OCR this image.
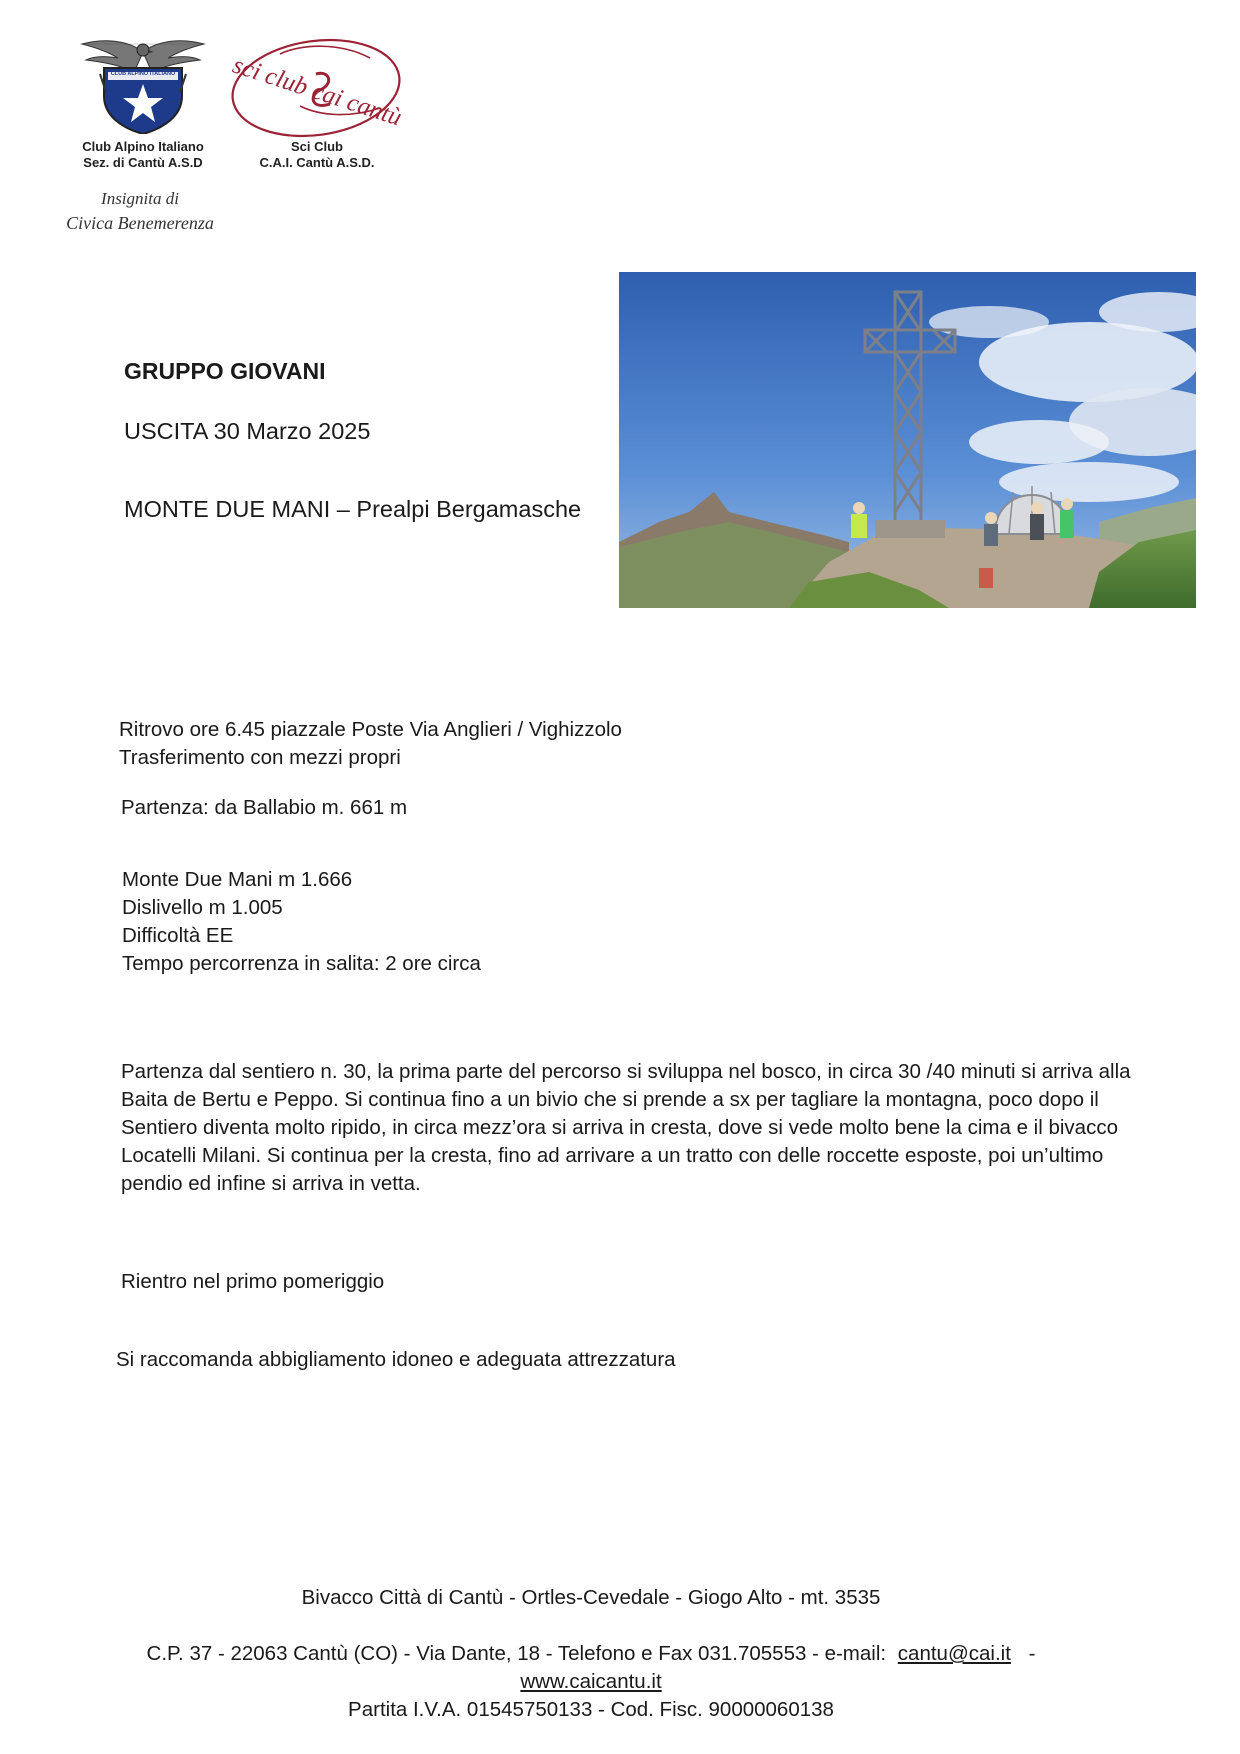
CLUB ALPINO ITALIANO
Club Alpino Italiano
Sez. di Cantù A.S.D
sci club cai cantù
Sci Club
C.A.I. Cantù A.S.D.
Insignita di
Civica Benemerenza
GRUPPO GIOVANI
USCITA 30 Marzo 2025
MONTE DUE MANI – Prealpi Bergamasche
Ritrovo ore 6.45 piazzale Poste Via Anglieri / Vighizzolo
Trasferimento con mezzi propri
Partenza: da Ballabio m. 661 m
Monte Due Mani m 1.666
Dislivello m 1.005
Difficoltà EE
Tempo percorrenza in salita: 2 ore circa
Partenza dal sentiero n. 30, la prima parte del percorso si sviluppa nel bosco, in circa 30 /40 minuti si arriva alla Baita de Bertu e Peppo. Si continua fino a un bivio che si prende a sx per tagliare la montagna, poco dopo il Sentiero diventa molto ripido, in circa mezz’ora si arriva in cresta, dove si vede molto bene la cima e il bivacco Locatelli Milani. Si continua per la cresta, fino ad arrivare a un tratto con delle roccette esposte, poi un’ultimo pendio ed infine si arriva in vetta.
Rientro nel primo pomeriggio
Si raccomanda abbigliamento idoneo e adeguata attrezzatura
Bivacco Città di Cantù - Ortles-Cevedale - Giogo Alto - mt. 3535
C.P. 37 - 22063 Cantù (CO) - Via Dante, 18 - Telefono e Fax 031.705553 - e-mail: cantu@cai.it -
www.caicantu.it
Partita I.V.A. 01545750133 - Cod. Fisc. 90000060138
